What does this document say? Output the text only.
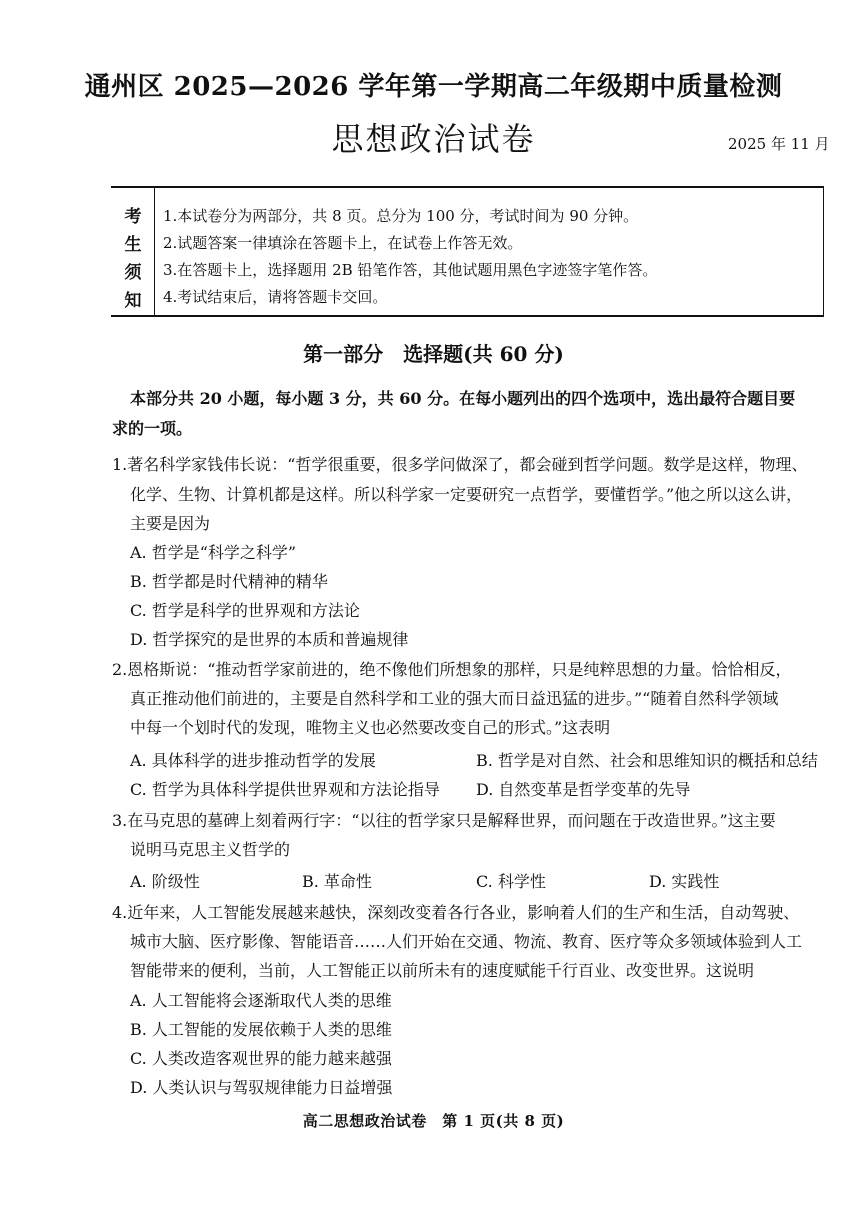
通州区 2025—2026 学年第一学期高二年级期中质量检测
思想政治试卷	2025 年 11 月
考
生
须
知
1.本试卷分为两部分，共 8 页。总分为 100 分，考试时间为 90 分钟。
2.试题答案一律填涂在答题卡上，在试卷上作答无效。
3.在答题卡上，选择题用 2B 铅笔作答，其他试题用黑色字迹签字笔作答。
4.考试结束后，请将答题卡交回。
第一部分　选择题(共 60 分)
本部分共 20 小题，每小题 3 分，共 60 分。在每小题列出的四个选项中，选出最符合题目要
求的一项。
1.著名科学家钱伟长说：“哲学很重要，很多学问做深了，都会碰到哲学问题。数学是这样，物理、
化学、生物、计算机都是这样。所以科学家一定要研究一点哲学，要懂哲学。”他之所以这么讲，
主要是因为
A. 哲学是“科学之科学”
B. 哲学都是时代精神的精华
C. 哲学是科学的世界观和方法论
D. 哲学探究的是世界的本质和普遍规律
2.恩格斯说：“推动哲学家前进的，绝不像他们所想象的那样，只是纯粹思想的力量。恰恰相反，
真正推动他们前进的，主要是自然科学和工业的强大而日益迅猛的进步。”“随着自然科学领域
中每一个划时代的发现，唯物主义也必然要改变自己的形式。”这表明
A. 具体科学的进步推动哲学的发展	B. 哲学是对自然、社会和思维知识的概括和总结
C. 哲学为具体科学提供世界观和方法论指导 D. 自然变革是哲学变革的先导
3.在马克思的墓碑上刻着两行字：“以往的哲学家只是解释世界，而问题在于改造世界。”这主要
说明马克思主义哲学的
A. 阶级性	B. 革命性	C. 科学性	D. 实践性
4.近年来，人工智能发展越来越快，深刻改变着各行各业，影响着人们的生产和生活，自动驾驶、
城市大脑、医疗影像、智能语音……人们开始在交通、物流、教育、医疗等众多领域体验到人工
智能带来的便利，当前，人工智能正以前所未有的速度赋能千行百业、改变世界。这说明
A. 人工智能将会逐渐取代人类的思维
B. 人工智能的发展依赖于人类的思维
C. 人类改造客观世界的能力越来越强
D. 人类认识与驾驭规律能力日益增强
高二思想政治试卷　第 1 页(共 8 页)
